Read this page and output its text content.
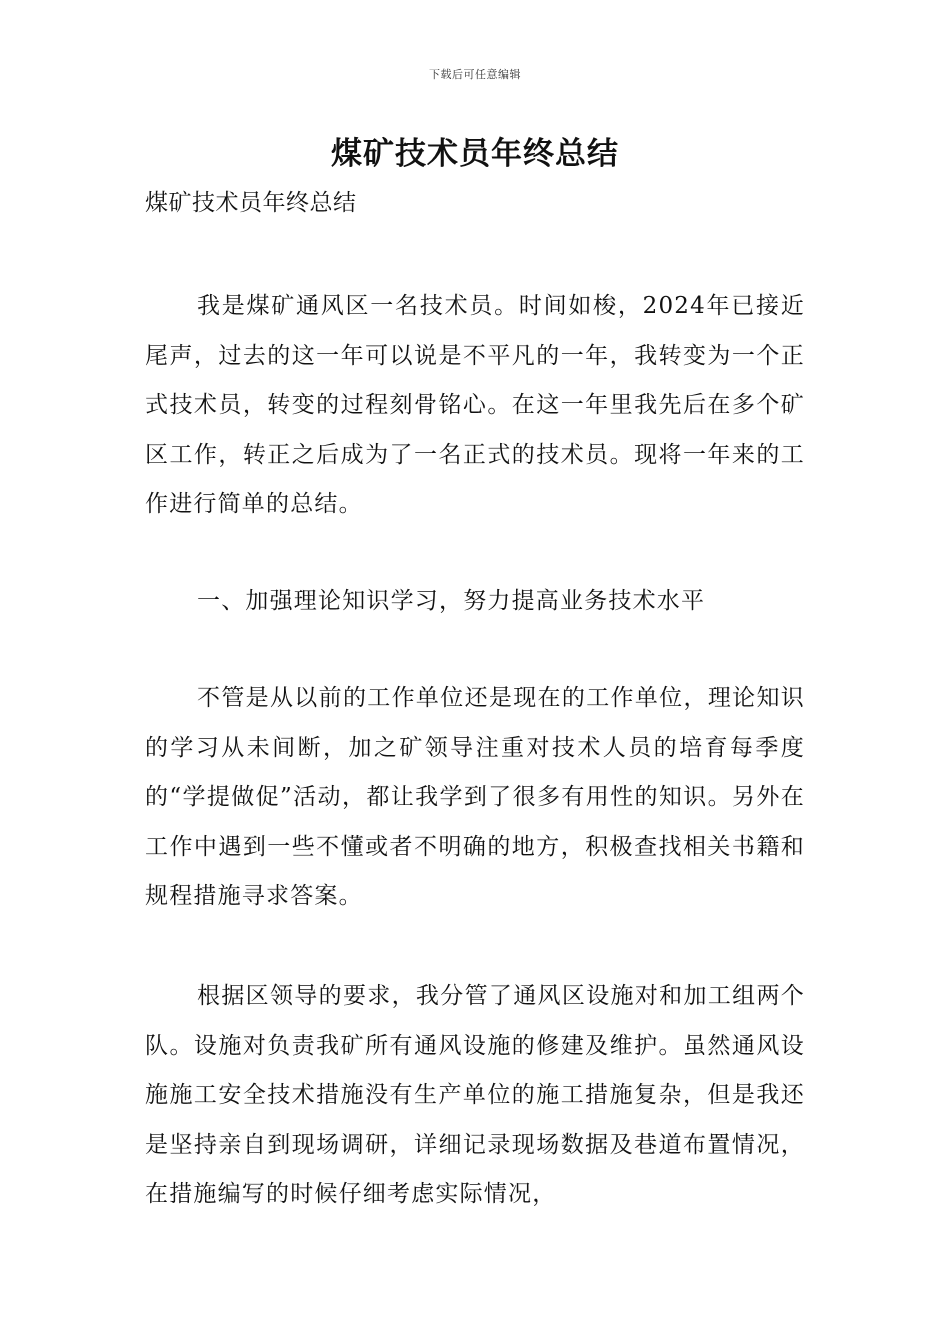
下载后可任意编辑
煤矿技术员年终总结
煤矿技术员年终总结
我是煤矿通风区一名技术员。时间如梭，2024年已接近尾声，过去的这一年可以说是不平凡的一年，我转变为一个正式技术员，转变的过程刻骨铭心。在这一年里我先后在多个矿区工作，转正之后成为了一名正式的技术员。现将一年来的工作进行简单的总结。
一、加强理论知识学习，努力提高业务技术水平
不管是从以前的工作单位还是现在的工作单位，理论知识的学习从未间断，加之矿领导注重对技术人员的培育每季度的“学提做促”活动，都让我学到了很多有用性的知识。另外在工作中遇到一些不懂或者不明确的地方，积极查找相关书籍和规程措施寻求答案。
根据区领导的要求，我分管了通风区设施对和加工组两个队。设施对负责我矿所有通风设施的修建及维护。虽然通风设施施工安全技术措施没有生产单位的施工措施复杂，但是我还是坚持亲自到现场调研，详细记录现场数据及巷道布置情况，在措施编写的时候仔细考虑实际情况，
